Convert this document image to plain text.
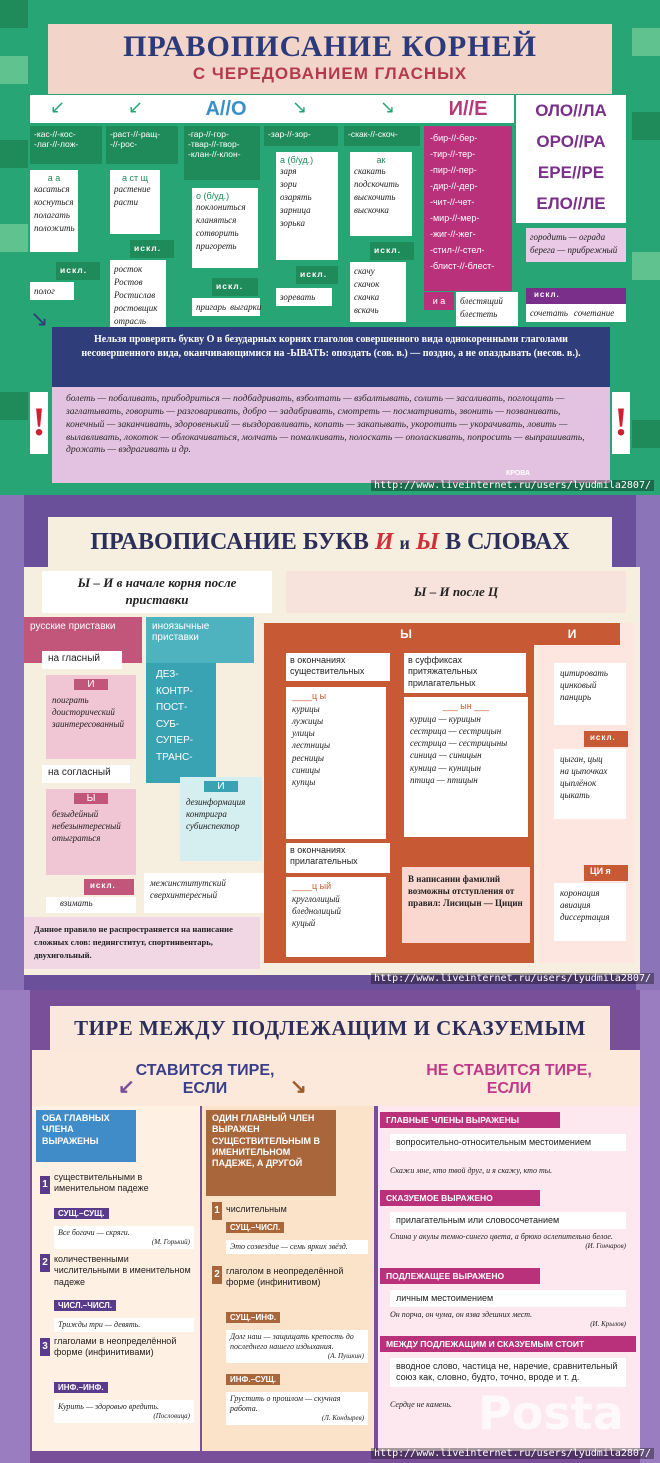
ПРАВОПИСАНИЕ КОРНЕЙ
С ЧЕРЕДОВАНИЕМ ГЛАСНЫХ
↙	↙	А//О	↘	↘	И//Е
-кас-//-кос-
-лаг-//-лож-
а а
касаться
коснуться
полагать
положить
искл.
полог
-раст-//-ращ-
-//-рос-
а ст щ
растение
расти
искл.
росток
Ростов
Ростислав
ростовщик
отрасль
-гар-//-гор-
-твар-//-твор-
-клан-//-клон-
о (б/уд.)
поклониться
кланяться
сотворить
пригореть
искл.
пригарь выгарки
-зар-//-зор-
а (б/уд.)
заря
зори
озарять
зарница
зорька
искл.
зоревать
-скак-//-скоч-
ак
скакать
подскочить
выскочить
выскочка
искл.
скачу
скачок
скачка
вскачь
-бир-//-бер-
-тир-//-тер-
-пир-//-пер-
-дир-//-дер-
-чит-//-чет-
-мир-//-мер-
-жиг-//-жег-
-стил-//-стел-
-блист-//-блест-
и а	блестящий
блестеть
ОЛО//ЛА
ОРО//РА
ЕРЕ//РЕ
ЕЛО//ЛЕ
городить — ограда
берега — прибрежный
искл.
сочетать сочетание
↘
Нельзя проверять букву О в безударных корнях глаголов совершенного вида однокоренными глаголами несовершенного вида, оканчивающимися на -ЫВАТЬ: опоздать (сов. в.) — поздно, а не опаздывать (несов. в.).
болеть — побаливать, прибодриться — подбадривать, взболтать — взбалтывать, солить — засаливать, поглощать — заглатывать, говорить — разговаривать, добро — задабривать, смотреть — посматривать, звонить — позванивать, конечный — заканчивать, здоровенький — выздоравливать, копать — закапывать, укоротить — укорачивать, ловить — вылавливать, локоток — облокачиваться, молчать — помалкивать, полоскать — ополаскивать, попросить — выпрашивать, дрожать — вздрагивать и др.
!	!
КРОВА
http://www.liveinternet.ru/users/lyudmila2807/
ПРАВОПИСАНИЕ БУКВ И и Ы В СЛОВАХ
Ы – И в начале корня после приставки
Ы – И после Ц
русские приставки	иноязычные приставки
ДЕЗ-
КОНТР-
ПОСТ-
СУБ-
СУПЕР-
ТРАНС-
на гласный
И
поиграть
доисторический
заинтересованный
на согласный
Ы
безыдейный
небезынтересный
отыграться
И
дезинформация
контригра
субинспектор
искл.
взимать
межинститутский
сверхинтересный
Данное правило не распространяется на написание сложных слов: педингститут, спортинвентарь, двухигольный.
Ы	И
в окончаниях существительных
____ц ы
курицы
лужицы
улицы
лестницы
ресницы
синицы
купцы
в окончаниях прилагательных
____ц ый
круглолицый
бледнолицый
куцый
в суффиксах притяжательных прилагательных
___ ын ___
курица — курицын
сестрица — сестрицын
сестрица — сестрицыны
синица — синицын
куница — куницын
птица — птицын
В написании фамилий возможны отступления от правил: Лисицын — Цицин
цитировать
цинковый
панцирь
искл.
цыган, цыц
на цыпочках
цыплёнок
цыкать
ЦИ я
коронация
авиация
диссертация
http://www.liveinternet.ru/users/lyudmila2807/
ТИРЕ МЕЖДУ ПОДЛЕЖАЩИМ И СКАЗУЕМЫМ
↙
СТАВИТСЯ ТИРЕ, ЕСЛИ	↘
НЕ СТАВИТСЯ ТИРЕ, ЕСЛИ
ОБА ГЛАВНЫХ ЧЛЕНА ВЫРАЖЕНЫ
1
существительными в именительном падеже
СУЩ.–СУЩ.
Все богачи — скряги.
(М. Горький)
2 количественными числительными в именительном падеже
ЧИСЛ.–ЧИСЛ.
Трижды три — девять.
3 глаголами в неопределённой форме (инфинитивами)
ИНФ.–ИНФ.
Курить — здоровью вредить.
(Пословица)
ОДИН ГЛАВНЫЙ ЧЛЕН ВЫРАЖЕН СУЩЕСТВИТЕЛЬНЫМ В ИМЕНИТЕЛЬНОМ ПАДЕЖЕ, А ДРУГОЙ
1 числительным
СУЩ.–ЧИСЛ.
Это созвездие — семь ярких звёзд.
2 глаголом в неопределённой форме (инфинитивом)
СУЩ.–ИНФ.
Долг наш — защищать крепость до последнего нашего издыхания.
(А. Пушкин)
ИНФ.–СУЩ.
Грустить о прошлом — скучная работа.
(Л. Кондырев)
ГЛАВНЫЕ ЧЛЕНЫ ВЫРАЖЕНЫ
вопросительно-относительным местоимением
Скажи мне, кто твой друг, и я скажу, кто ты.
СКАЗУЕМОЕ ВЫРАЖЕНО
прилагательным или словосочетанием
Спина у акулы темно-синего цвета, а брюхо ослепительно белое.
(И. Гончаров)
ПОДЛЕЖАЩЕЕ ВЫРАЖЕНО
личным местоимением
Он порча, он чума, он язва здешних мест.
(И. Крылов)
МЕЖДУ ПОДЛЕЖАЩИМ И СКАЗУЕМЫМ СТОИТ
вводное слово, частица не, наречие, сравнительный союз как, словно, будто, точно, вроде и т. д.
Сердце не камень. Posta
http://www.liveinternet.ru/users/lyudmila2807/
